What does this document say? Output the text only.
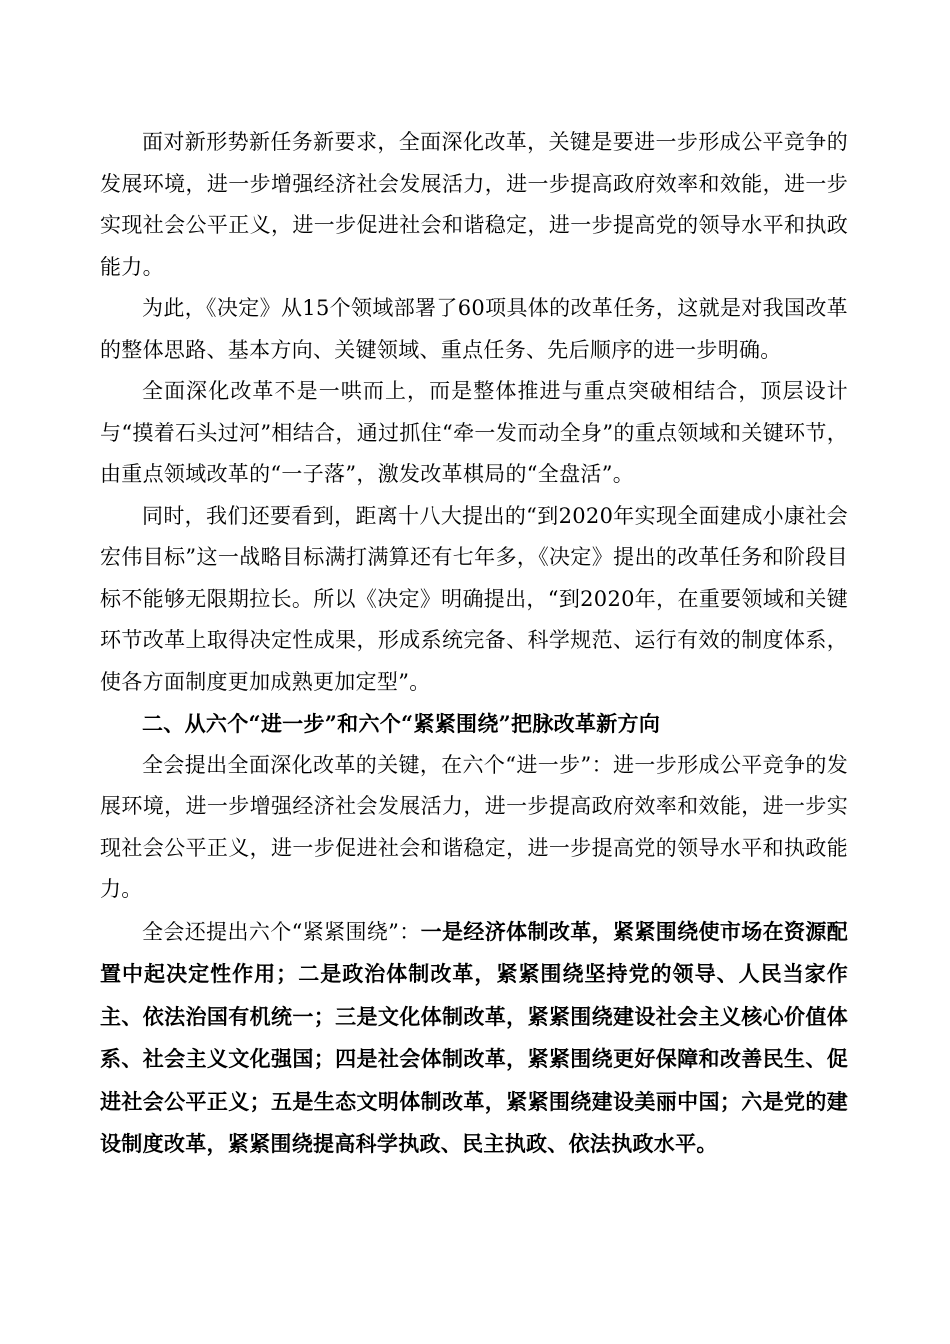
面对新形势新任务新要求，全面深化改革，关键是要进一步形成公平竞争的发展环境，进一步增强经济社会发展活力，进一步提高政府效率和效能，进一步实现社会公平正义，进一步促进社会和谐稳定，进一步提高党的领导水平和执政能力。

为此，《决定》从15个领域部署了60项具体的改革任务，这就是对我国改革的整体思路、基本方向、关键领域、重点任务、先后顺序的进一步明确。

全面深化改革不是一哄而上，而是整体推进与重点突破相结合，顶层设计与“摸着石头过河”相结合，通过抓住“牵一发而动全身”的重点领域和关键环节，由重点领域改革的“一子落”，激发改革棋局的“全盘活”。

同时，我们还要看到，距离十八大提出的“到2020年实现全面建成小康社会宏伟目标”这一战略目标满打满算还有七年多，《决定》提出的改革任务和阶段目标不能够无限期拉长。所以《决定》明确提出，“到2020年，在重要领域和关键环节改革上取得决定性成果，形成系统完备、科学规范、运行有效的制度体系，使各方面制度更加成熟更加定型”。

二、从六个“进一步”和六个“紧紧围绕”把脉改革新方向

全会提出全面深化改革的关键，在六个“进一步”：进一步形成公平竞争的发展环境，进一步增强经济社会发展活力，进一步提高政府效率和效能，进一步实现社会公平正义，进一步促进社会和谐稳定，进一步提高党的领导水平和执政能力。

全会还提出六个“紧紧围绕”：一是经济体制改革，紧紧围绕使市场在资源配置中起决定性作用；二是政治体制改革，紧紧围绕坚持党的领导、人民当家作主、依法治国有机统一；三是文化体制改革，紧紧围绕建设社会主义核心价值体系、社会主义文化强国；四是社会体制改革，紧紧围绕更好保障和改善民生、促进社会公平正义；五是生态文明体制改革，紧紧围绕建设美丽中国；六是党的建设制度改革，紧紧围绕提高科学执政、民主执政、依法执政水平。
